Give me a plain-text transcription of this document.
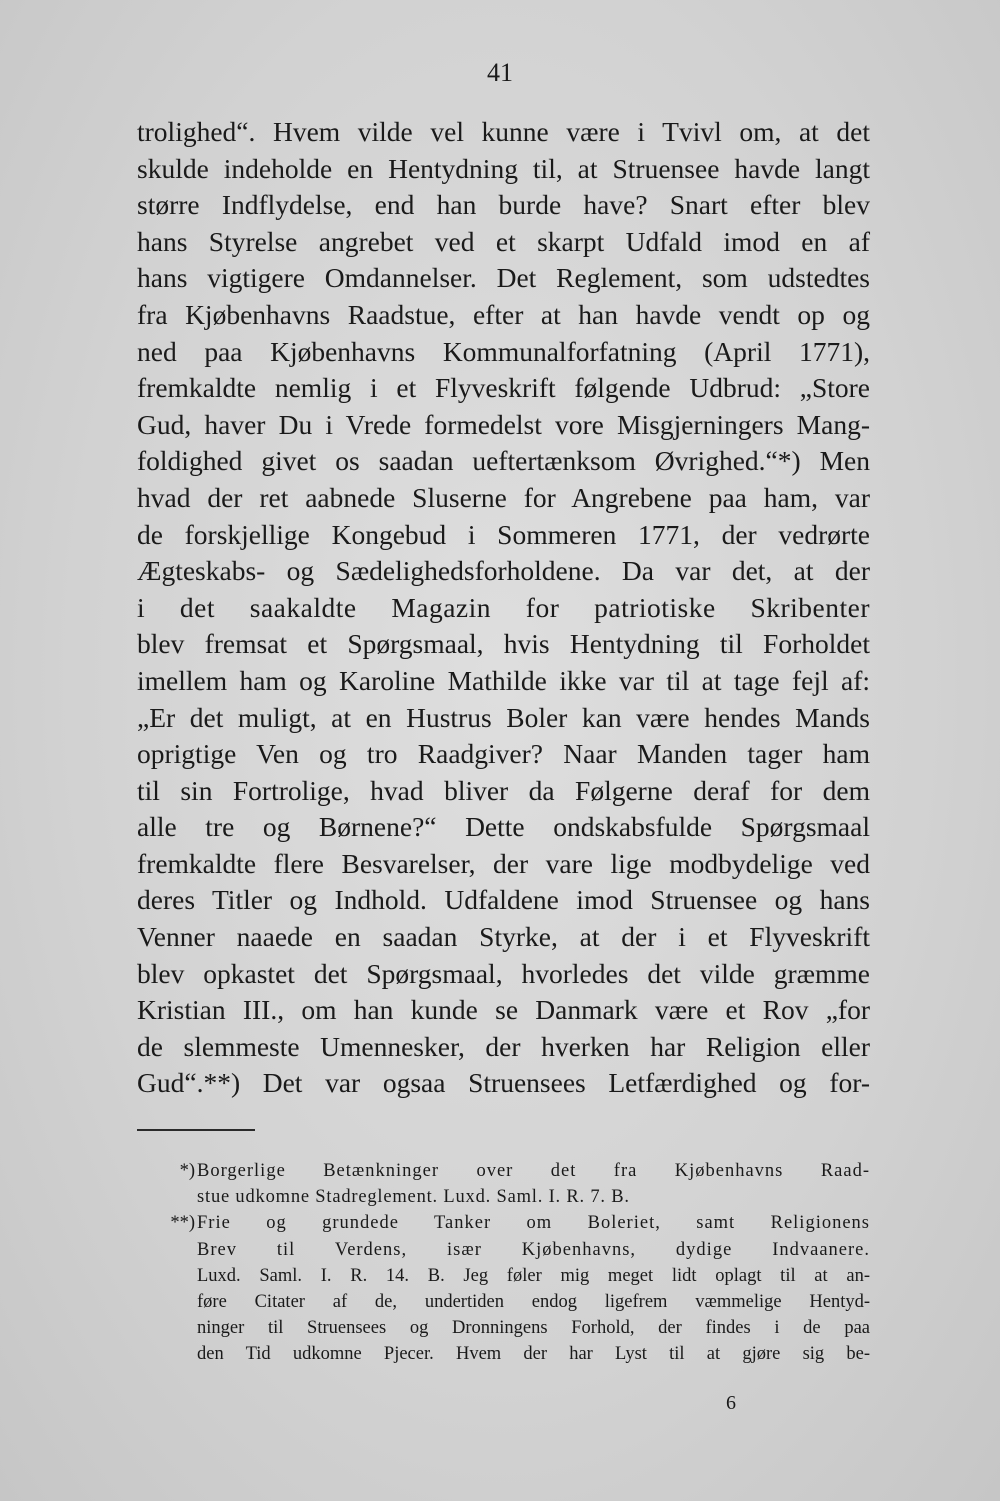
41
trolighed“. Hvem vilde vel kunne være i Tvivl om, at det
skulde indeholde en Hentydning til, at Struensee havde langt
større Indflydelse, end han burde have? Snart efter blev
hans Styrelse angrebet ved et skarpt Udfald imod en af
hans vigtigere Omdannelser. Det Reglement, som udstedtes
fra Kjøbenhavns Raadstue, efter at han havde vendt op og
ned paa Kjøbenhavns Kommunalforfatning (April 1771),
fremkaldte nemlig i et Flyveskrift følgende Udbrud: „Store
Gud, haver Du i Vrede formedelst vore Misgjerningers Mang-
foldighed givet os saadan ueftertænksom Øvrighed.“*) Men
hvad der ret aabnede Sluserne for Angrebene paa ham, var
de forskjellige Kongebud i Sommeren 1771, der vedrørte
Ægteskabs- og Sædelighedsforholdene. Da var det, at der
i det saakaldte Magazin for patriotiske Skribenter
blev fremsat et Spørgsmaal, hvis Hentydning til Forholdet
imellem ham og Karoline Mathilde ikke var til at tage fejl af:
„Er det muligt, at en Hustrus Boler kan være hendes Mands
oprigtige Ven og tro Raadgiver? Naar Manden tager ham
til sin Fortrolige, hvad bliver da Følgerne deraf for dem
alle tre og Børnene?“ Dette ondskabsfulde Spørgsmaal
fremkaldte flere Besvarelser, der vare lige modbydelige ved
deres Titler og Indhold. Udfaldene imod Struensee og hans
Venner naaede en saadan Styrke, at der i et Flyveskrift
blev opkastet det Spørgsmaal, hvorledes det vilde græmme
Kristian III., om han kunde se Danmark være et Rov „for
de slemmeste Umennesker, der hverken har Religion eller
Gud“.**) Det var ogsaa Struensees Letfærdighed og for-
*) Borgerlige Betænkninger over det fra Kjøbenhavns Raad-
stue udkomne Stadreglement. Luxd. Saml. I. R. 7. B.
**) Frie og grundede Tanker om Boleriet, samt Religionens
Brev til Verdens, især Kjøbenhavns, dydige Indvaanere.
Luxd. Saml. I. R. 14. B. Jeg føler mig meget lidt oplagt til at an-
føre Citater af de, undertiden endog ligefrem væmmelige Hentyd-
ninger til Struensees og Dronningens Forhold, der findes i de paa
den Tid udkomne Pjecer. Hvem der har Lyst til at gjøre sig be-
6
